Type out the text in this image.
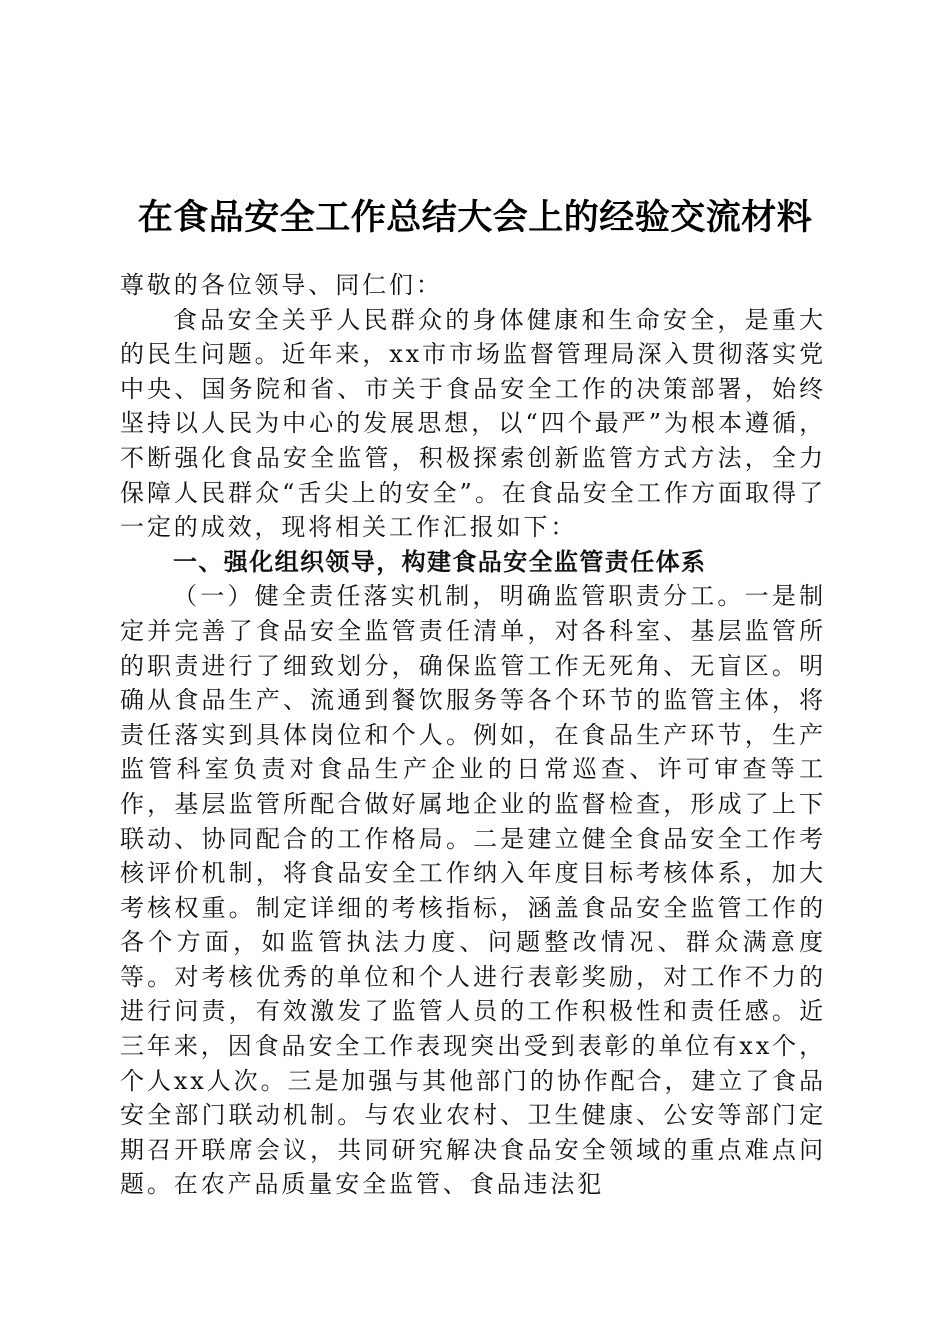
在食品安全工作总结大会上的经验交流材料

尊敬的各位领导、同仁们：

食品安全关乎人民群众的身体健康和生命安全，是重大的民生问题。近年来，xx市市场监督管理局深入贯彻落实党中央、国务院和省、市关于食品安全工作的决策部署，始终坚持以人民为中心的发展思想，以“四个最严”为根本遵循，不断强化食品安全监管，积极探索创新监管方式方法，全力保障人民群众“舌尖上的安全”。在食品安全工作方面取得了一定的成效，现将相关工作汇报如下：

一、强化组织领导，构建食品安全监管责任体系

（一）健全责任落实机制，明确监管职责分工。一是制定并完善了食品安全监管责任清单，对各科室、基层监管所的职责进行了细致划分，确保监管工作无死角、无盲区。明确从食品生产、流通到餐饮服务等各个环节的监管主体，将责任落实到具体岗位和个人。例如，在食品生产环节，生产监管科室负责对食品生产企业的日常巡查、许可审查等工作，基层监管所配合做好属地企业的监督检查，形成了上下联动、协同配合的工作格局。二是建立健全食品安全工作考核评价机制，将食品安全工作纳入年度目标考核体系，加大考核权重。制定详细的考核指标，涵盖食品安全监管工作的各个方面，如监管执法力度、问题整改情况、群众满意度等。对考核优秀的单位和个人进行表彰奖励，对工作不力的进行问责，有效激发了监管人员的工作积极性和责任感。近三年来，因食品安全工作表现突出受到表彰的单位有xx个，个人xx人次。三是加强与其他部门的协作配合，建立了食品安全部门联动机制。与农业农村、卫生健康、公安等部门定期召开联席会议，共同研究解决食品安全领域的重点难点问题。在农产品质量安全监管、食品违法犯
